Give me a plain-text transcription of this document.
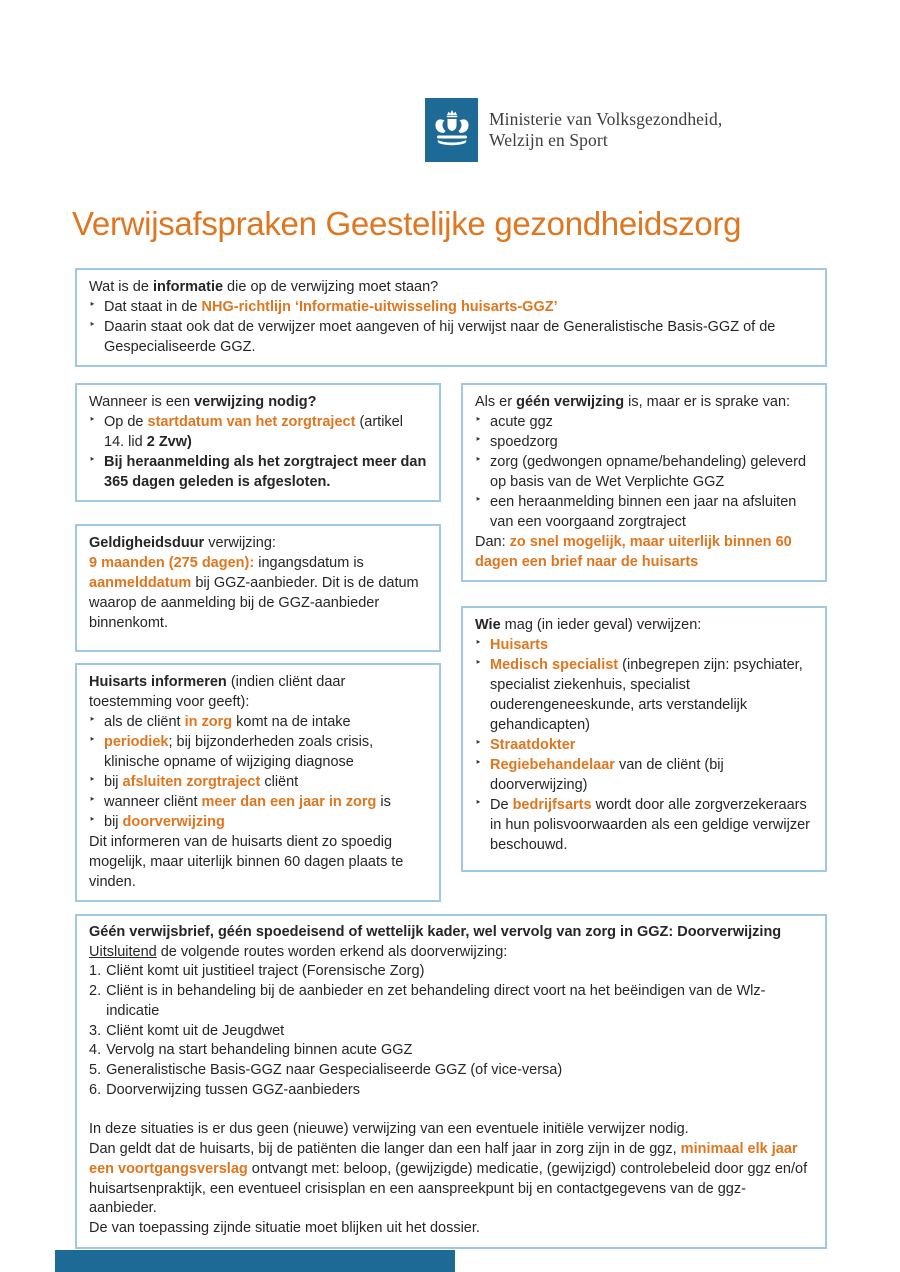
Ministerie van Volksgezondheid,
Welzijn en Sport
Verwijsafspraken Geestelijke gezondheidszorg
Wat is de informatie die op de verwijzing moet staan?
‣ Dat staat in de NHG-richtlijn ‘Informatie-uitwisseling huisarts-GGZ’
‣ Daarin staat ook dat de verwijzer moet aangeven of hij verwijst naar de Generalistische Basis-GGZ of de Gespecialiseerde GGZ.
Wanneer is een verwijzing nodig?
‣ Op de startdatum van het zorgtraject (artikel 14. lid 2 Zvw)
‣ Bij heraanmelding als het zorgtraject meer dan 365 dagen geleden is afgesloten.
Geldigheidsduur verwijzing:
9 maanden (275 dagen): ingangsdatum is aanmelddatum bij GGZ-aanbieder. Dit is de datum waarop de aanmelding bij de GGZ-aanbieder binnenkomt.
Huisarts informeren (indien cliënt daar toestemming voor geeft):
‣ als de cliënt in zorg komt na de intake
‣ periodiek; bij bijzonderheden zoals crisis, klinische opname of wijziging diagnose
‣ bij afsluiten zorgtraject cliënt
‣ wanneer cliënt meer dan een jaar in zorg is
‣ bij doorverwijzing
Dit informeren van de huisarts dient zo spoedig mogelijk, maar uiterlijk binnen 60 dagen plaats te vinden.
Als er géén verwijzing is, maar er is sprake van:
‣ acute ggz
‣ spoedzorg
‣ zorg (gedwongen opname/behandeling) geleverd op basis van de Wet Verplichte GGZ
‣ een heraanmelding binnen een jaar na afsluiten van een voorgaand zorgtraject
Dan: zo snel mogelijk, maar uiterlijk binnen 60 dagen een brief naar de huisarts
Wie mag (in ieder geval) verwijzen:
‣ Huisarts
‣ Medisch specialist (inbegrepen zijn: psychiater, specialist ziekenhuis, specialist ouderengeneeskunde, arts verstandelijk gehandicapten)
‣ Straatdokter
‣ Regiebehandelaar van de cliënt (bij doorverwijzing)
‣ De bedrijfsarts wordt door alle zorgverzekeraars in hun polisvoorwaarden als een geldige verwijzer beschouwd.
Géén verwijsbrief, géén spoedeisend of wettelijk kader, wel vervolg van zorg in GGZ: Doorverwijzing
Uitsluitend de volgende routes worden erkend als doorverwijzing:
1. Cliënt komt uit justitieel traject (Forensische Zorg)
2. Cliënt is in behandeling bij de aanbieder en zet behandeling direct voort na het beëindigen van de Wlz-indicatie
3. Cliënt komt uit de Jeugdwet
4. Vervolg na start behandeling binnen acute GGZ
5. Generalistische Basis-GGZ naar Gespecialiseerde GGZ (of vice-versa)
6. Doorverwijzing tussen GGZ-aanbieders

In deze situaties is er dus geen (nieuwe) verwijzing van een eventuele initiële verwijzer nodig.
Dan geldt dat de huisarts, bij de patiënten die langer dan een half jaar in zorg zijn in de ggz, minimaal elk jaar een voortgangsverslag ontvangt met: beloop, (gewijzigde) medicatie, (gewijzigd) controlebeleid door ggz en/of huisartsenpraktijk, een eventueel crisisplan en een aanspreekpunt bij en contactgegevens van de ggz-aanbieder.
De van toepassing zijnde situatie moet blijken uit het dossier.
